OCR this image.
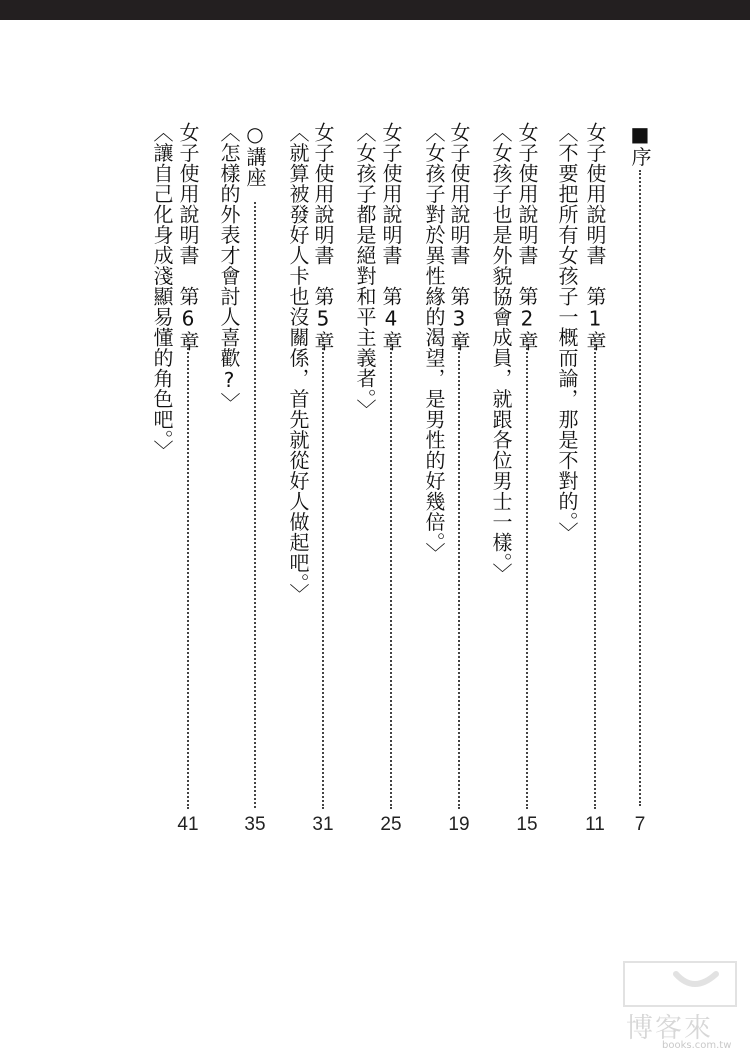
■序
7
女子使用說明書　第1章
11
〈不要把所有女孩子一概而論，那是不對的。〉
女子使用說明書　第2章
15
〈女孩子也是外貌協會成員，就跟各位男士一樣。〉
女子使用說明書　第3章
19
〈女孩子對於異性緣的渴望，是男性的好幾倍。〉
女子使用說明書　第4章
25
〈女孩子都是絕對和平主義者。〉
女子使用說明書　第5章
31
〈就算被發好人卡也沒關係，首先就從好人做起吧。〉
○講座
35
〈怎樣的外表才會討人喜歡?〉
女子使用說明書　第6章
41
〈讓自己化身成淺顯易懂的角色吧。〉
博客來
books.com.tw
